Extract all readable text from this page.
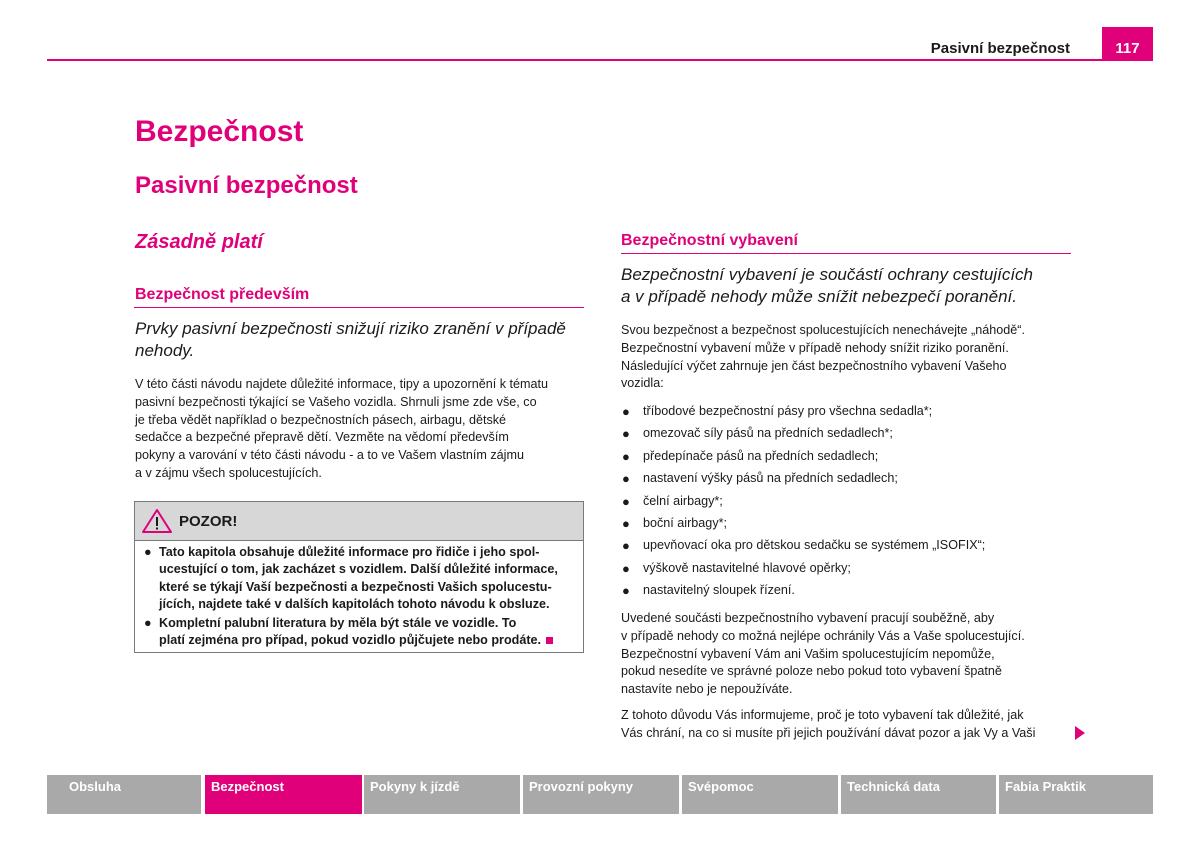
Pasivní bezpečnost	117
Bezpečnost
Pasivní bezpečnost
Zásadně platí
Bezpečnost především
Prvky pasivní bezpečnosti snižují riziko zranění v případě
nehody.
V této části návodu najdete důležité informace, tipy a upozornění k tématu
pasivní bezpečnosti týkající se Vašeho vozidla. Shrnuli jsme zde vše, co
je třeba vědět například o bezpečnostních pásech, airbagu, dětské
sedačce a bezpečné přepravě dětí. Vezměte na vědomí především
pokyny a varování v této části návodu - a to ve Vašem vlastním zájmu
a v zájmu všech spolucestujících.
POZOR!
● Tato kapitola obsahuje důležité informace pro řidiče i jeho spol-
ucestující o tom, jak zacházet s vozidlem. Další důležité informace,
které se týkají Vaší bezpečnosti a bezpečnosti Vašich spolucestu-
jících, najdete také v dalších kapitolách tohoto návodu k obsluze.
● Kompletní palubní literatura by měla být stále ve vozidle. To
platí zejména pro případ, pokud vozidlo půjčujete nebo prodáte.
Bezpečnostní vybavení
Bezpečnostní vybavení je součástí ochrany cestujících
a v případě nehody může snížit nebezpečí poranění.
Svou bezpečnost a bezpečnost spolucestujících nenechávejte „náhodě“.
Bezpečnostní vybavení může v případě nehody snížit riziko poranění.
Následující výčet zahrnuje jen část bezpečnostního vybavení Vašeho
vozidla:
● tříbodové bezpečnostní pásy pro všechna sedadla*;
● omezovač síly pásů na předních sedadlech*;
● předepínače pásů na předních sedadlech;
● nastavení výšky pásů na předních sedadlech;
● čelní airbagy*;
● boční airbagy*;
● upevňovací oka pro dětskou sedačku se systémem „ISOFIX“;
● výškově nastavitelné hlavové opěrky;
● nastavitelný sloupek řízení.
Uvedené součásti bezpečnostního vybavení pracují souběžně, aby
v případě nehody co možná nejlépe ochránily Vás a Vaše spolucestující.
Bezpečnostní vybavení Vám ani Vašim spolucestujícím nepomůže,
pokud nesedíte ve správné poloze nebo pokud toto vybavení špatně
nastavíte nebo je nepoužíváte.
Z tohoto důvodu Vás informujeme, proč je toto vybavení tak důležité, jak
Vás chrání, na co si musíte při jejich používání dávat pozor a jak Vy a Vaši
Obsluha	Bezpečnost	Pokyny k jízdě	Provozní pokyny	Svépomoc	Technická data	Fabia Praktik
